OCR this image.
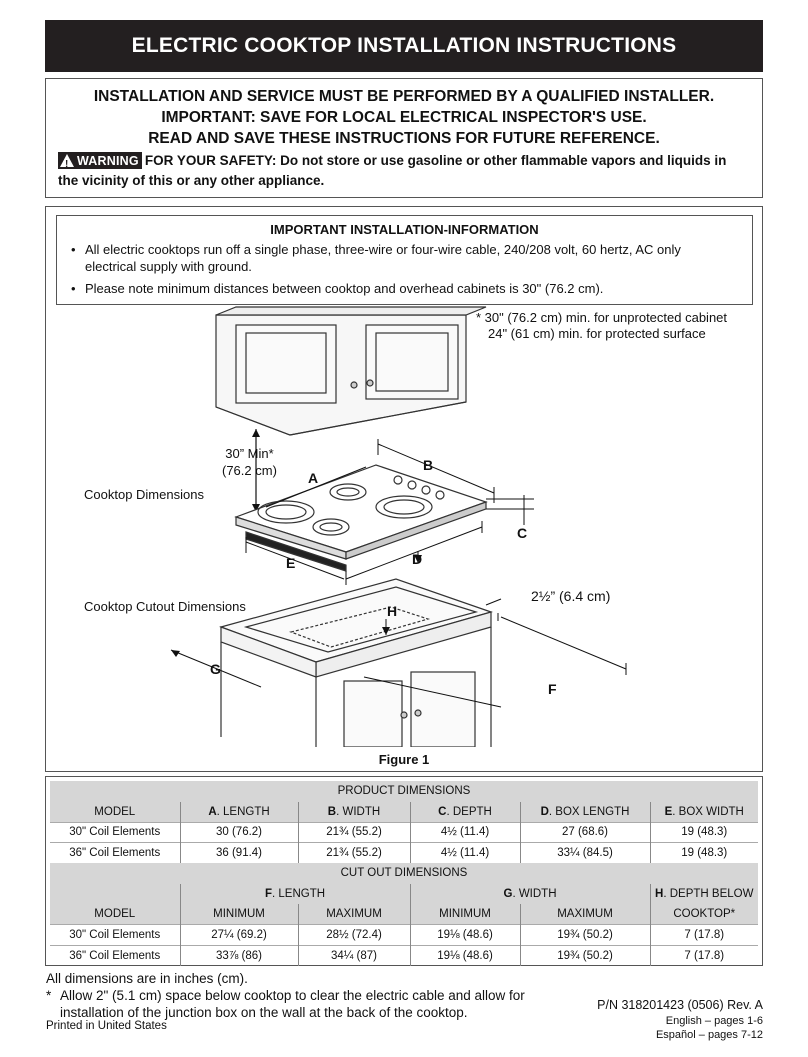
ELECTRIC COOKTOP INSTALLATION INSTRUCTIONS
INSTALLATION AND SERVICE MUST BE PERFORMED BY A QUALIFIED INSTALLER.
IMPORTANT: SAVE FOR LOCAL ELECTRICAL INSPECTOR'S USE.
READ AND SAVE THESE INSTRUCTIONS FOR FUTURE REFERENCE.
!
WARNING FOR YOUR SAFETY: Do not store or use gasoline or other flammable vapors and liquids in the vicinity of this or any other appliance.
IMPORTANT INSTALLATION-INFORMATION
• All electric cooktops run off a single phase, three-wire or four-wire cable, 240/208 volt, 60 hertz, AC only electrical supply with ground.
• Please note minimum distances between cooktop and overhead cabinets is 30" (76.2 cm).
* 30" (76.2 cm) min. for unprotected cabinet
24" (61 cm) min. for protected surface
30” Min*
(76.2 cm)
Cooktop Dimensions
Cooktop Cutout Dimensions
2½” (6.4 cm)
A
B
C
D
E
F
G
H
Figure 1
PRODUCT DIMENSIONS					
MODEL	A. LENGTH	B. WIDTH	C. DEPTH	D. BOX LENGTH	E. BOX WIDTH
30" Coil Elements	30 (76.2)	21¾ (55.2)	4½ (11.4)	27 (68.6)	19 (48.3)
36" Coil Elements	36 (91.4)	21¾ (55.2)	4½ (11.4)	33¼ (84.5)	19 (48.3)
CUT OUT DIMENSIONS					
	F. LENGTH		G. WIDTH		H. DEPTH BELOW
MODEL	MINIMUM	MAXIMUM	MINIMUM	MAXIMUM	COOKTOP*
30" Coil Elements	27¼ (69.2)	28½ (72.4)	19⅛ (48.6)	19¾ (50.2)	7 (17.8)
36" Coil Elements	33⅞ (86)	34¼ (87)	19⅛ (48.6)	19¾ (50.2)	7 (17.8)
All dimensions are in inches (cm).
* Allow 2" (5.1 cm) space below cooktop to clear the electric cable and allow for installation of the junction box on the wall at the back of the cooktop.
Printed in United States
P/N 318201423 (0506) Rev. A
English – pages 1-6
Español – pages 7-12
